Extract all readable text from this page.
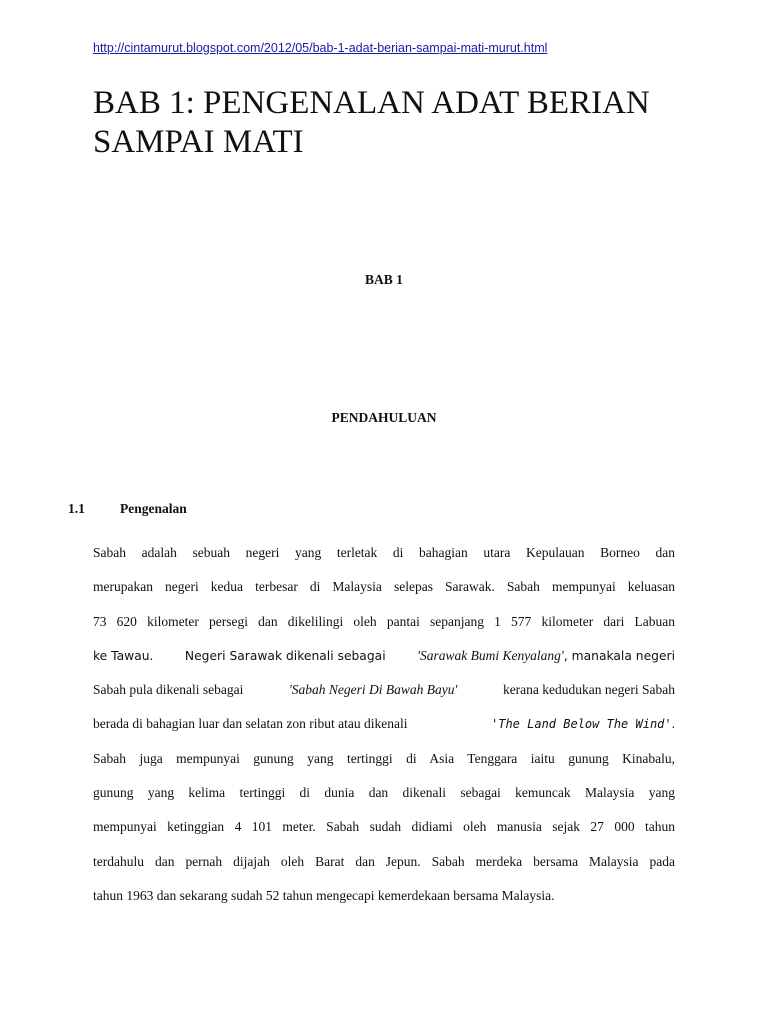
http://cintamurut.blogspot.com/2012/05/bab-1-adat-berian-sampai-mati-murut.html
BAB 1: PENGENALAN ADAT BERIAN
SAMPAI MATI

BAB 1

PENDAHULUAN

1.1	Pengenalan

Sabah adalah sebuah negeri yang terletak di bahagian utara Kepulauan Borneo dan
merupakan negeri kedua terbesar di Malaysia selepas Sarawak. Sabah mempunyai keluasan
73 620 kilometer persegi dan dikelilingi oleh pantai sepanjang 1 577 kilometer dari Labuan
ke Tawau.	Negeri Sarawak dikenali sebagai 'Sarawak Bumi Kenyalang', manakala negeri
Sabah pula dikenali sebagai	'Sabah Negeri Di Bawah Bayu'	kerana kedudukan negeri Sabah
berada di bahagian luar dan selatan zon ribut atau dikenali	'The Land Below The Wind'.
Sabah juga mempunyai gunung yang tertinggi di Asia Tenggara iaitu gunung Kinabalu,
gunung yang kelima tertinggi di dunia dan dikenali sebagai kemuncak Malaysia yang
mempunyai ketinggian 4 101 meter. Sabah sudah didiami oleh manusia sejak 27 000 tahun
terdahulu dan pernah dijajah oleh Barat dan Jepun. Sabah merdeka bersama Malaysia pada
tahun 1963 dan sekarang sudah 52 tahun mengecapi kemerdekaan bersama Malaysia.
